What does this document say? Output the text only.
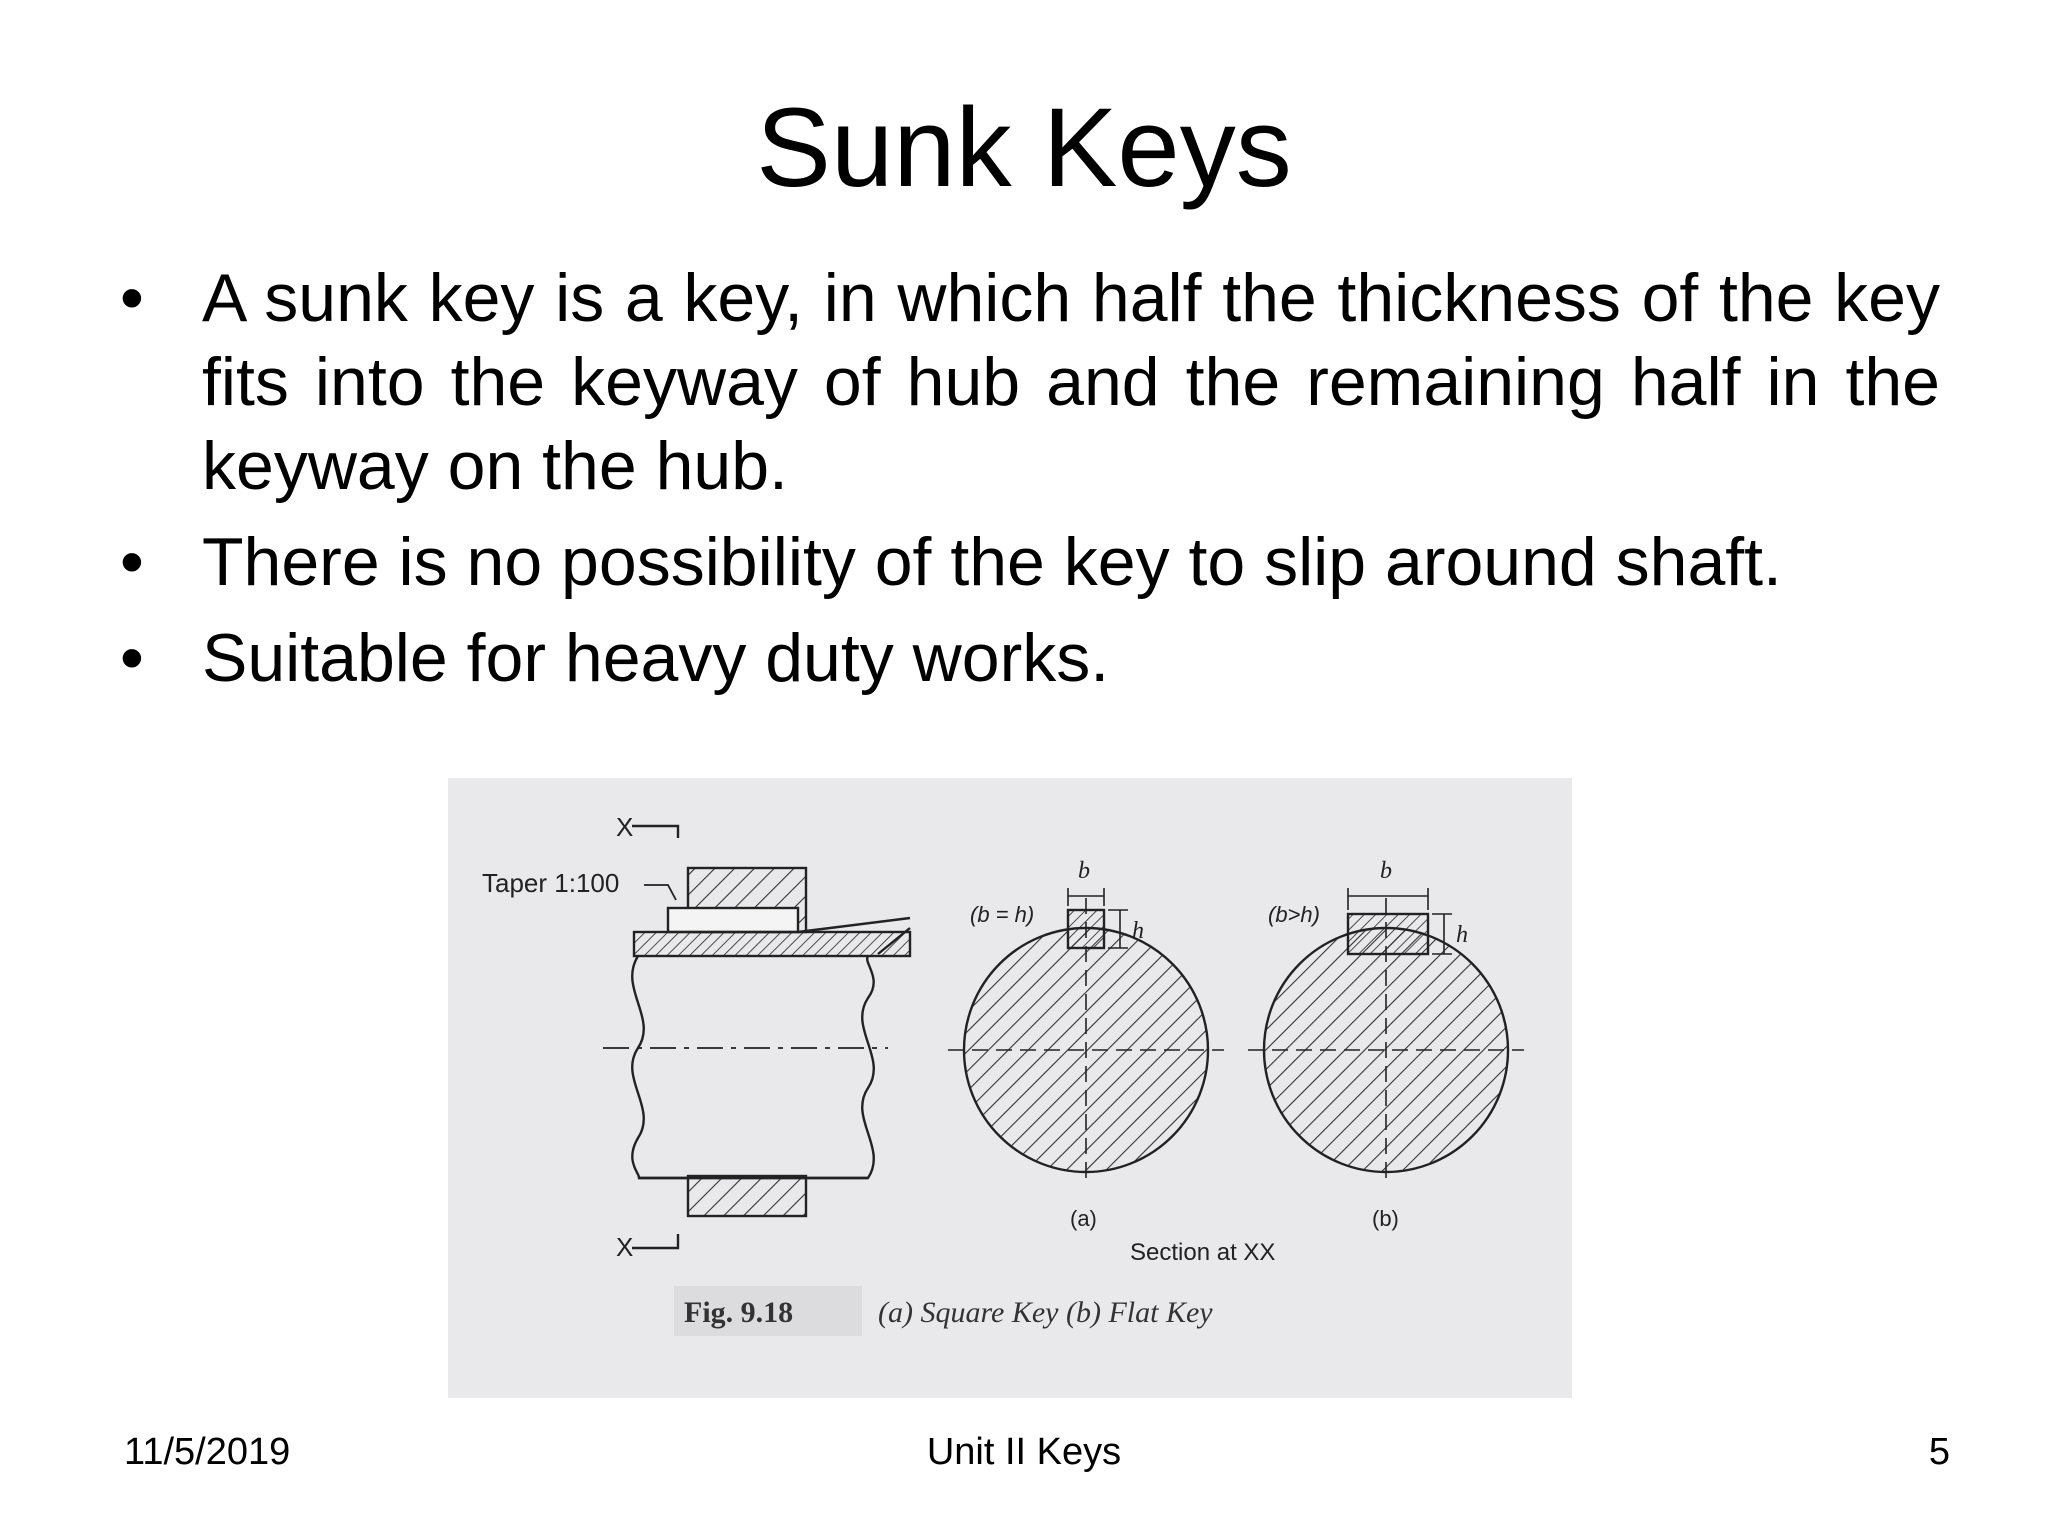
Sunk Keys
• A sunk key is a key, in which half the thickness of the key fits into the keyway of hub and the remaining half in the keyway on the hub.
• There is no possibility of the key to slip around shaft.
• Suitable for heavy duty works.
X
X
Taper 1:100	b
h
(b = h)
(a)
b
h
(b>h)
(b)
Section at XX
Fig. 9.18	(a) Square Key (b) Flat Key
11/5/2019	Unit II Keys	5
